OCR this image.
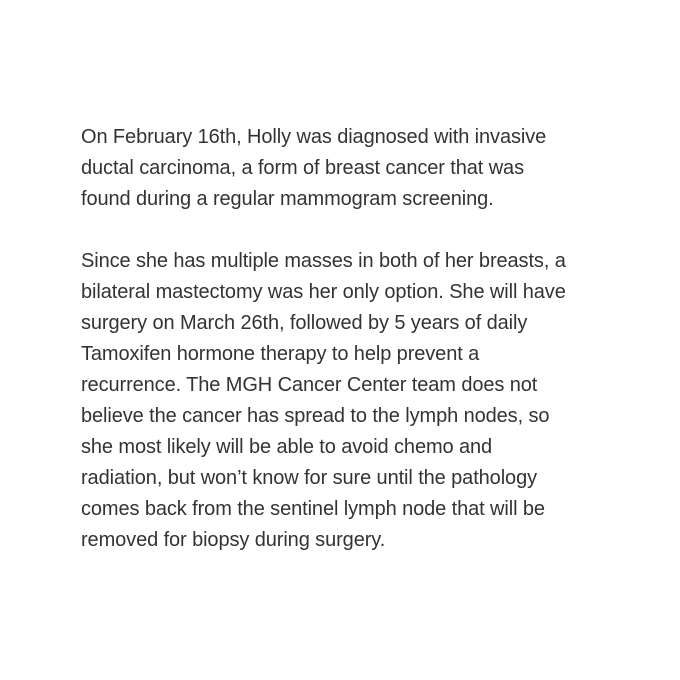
On February 16th, Holly was diagnosed with invasive
ductal carcinoma, a form of breast cancer that was
found during a regular mammogram screening.

Since she has multiple masses in both of her breasts, a
bilateral mastectomy was her only option. She will have
surgery on March 26th, followed by 5 years of daily
Tamoxifen hormone therapy to help prevent a
recurrence. The MGH Cancer Center team does not
believe the cancer has spread to the lymph nodes, so
she most likely will be able to avoid chemo and
radiation, but won’t know for sure until the pathology
comes back from the sentinel lymph node that will be
removed for biopsy during surgery.
